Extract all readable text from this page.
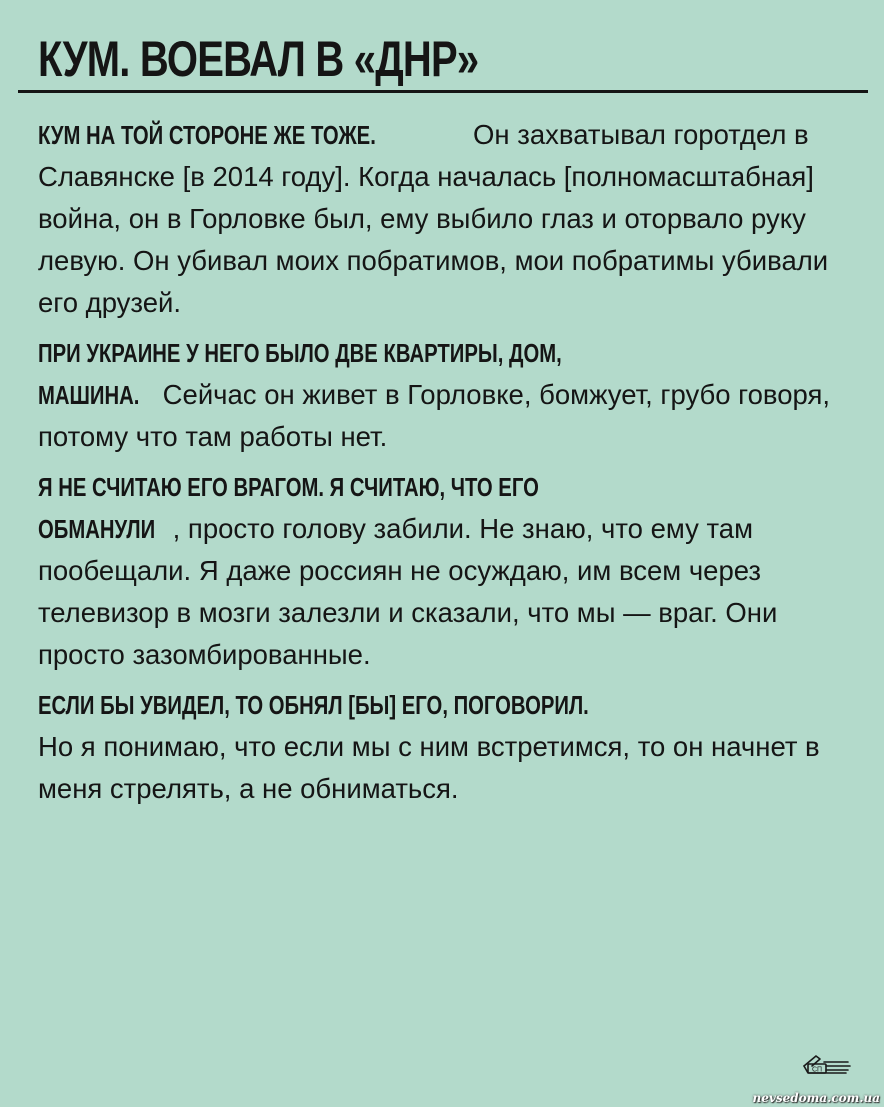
КУМ. ВОЕВАЛ В «ДНР»

КУМ НА ТОЙ СТОРОНЕ ЖЕ ТОЖЕ.	Он захватывал горотдел в Славянске [в 2014 году]. Когда началась [полномасштабная] война, он в Горловке был, ему выбило глаз и оторвало руку левую. Он убивал моих побратимов, мои побратимы убивали его друзей.

ПРИ УКРАИНЕ У НЕГО БЫЛО ДВЕ КВАРТИРЫ, ДОМ,
МАШИНА. Сейчас он живет в Горловке, бомжует, грубо говоря, потому что там работы нет.

Я НЕ СЧИТАЮ ЕГО ВРАГОМ. Я СЧИТАЮ, ЧТО ЕГО
ОБМАНУЛИ , просто голову забили. Не знаю, что ему там пообещали. Я даже россиян не осуждаю, им всем через телевизор в мозги залезли и сказали, что мы — враг. Они просто зазомбированные.

ЕСЛИ БЫ УВИДЕЛ, ТО ОБНЯЛ [БЫ] ЕГО, ПОГОВОРИЛ.
Но я понимаю, что если мы с ним встретимся, то он начнет в меня стрелять, а не обниматься.

СП
nevsedoma.com.ua
